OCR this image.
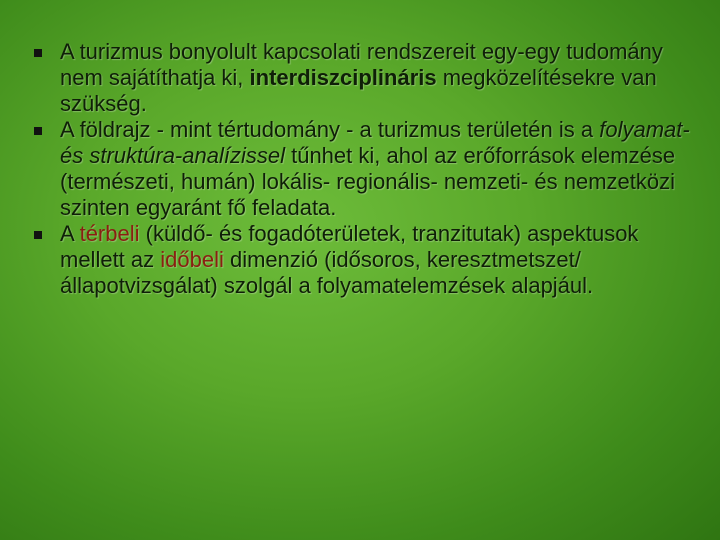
A turizmus bonyolult kapcsolati rendszereit egy-egy tudomány nem sajátíthatja ki, interdiszciplináris megközelítésekre van szükség.
A földrajz - mint tértudomány - a turizmus területén is a folyamat- és struktúra-analízissel tűnhet ki, ahol az erőforrások elemzése (természeti, humán) lokális- regionális- nemzeti- és nemzetközi szinten egyaránt fő feladata.
A térbeli (küldő- és fogadóterületek, tranzitutak) aspektusok mellett az időbeli dimenzió (idősoros, keresztmetszet/állapotvizsgálat) szolgál a folyamatelemzések alapjául.
